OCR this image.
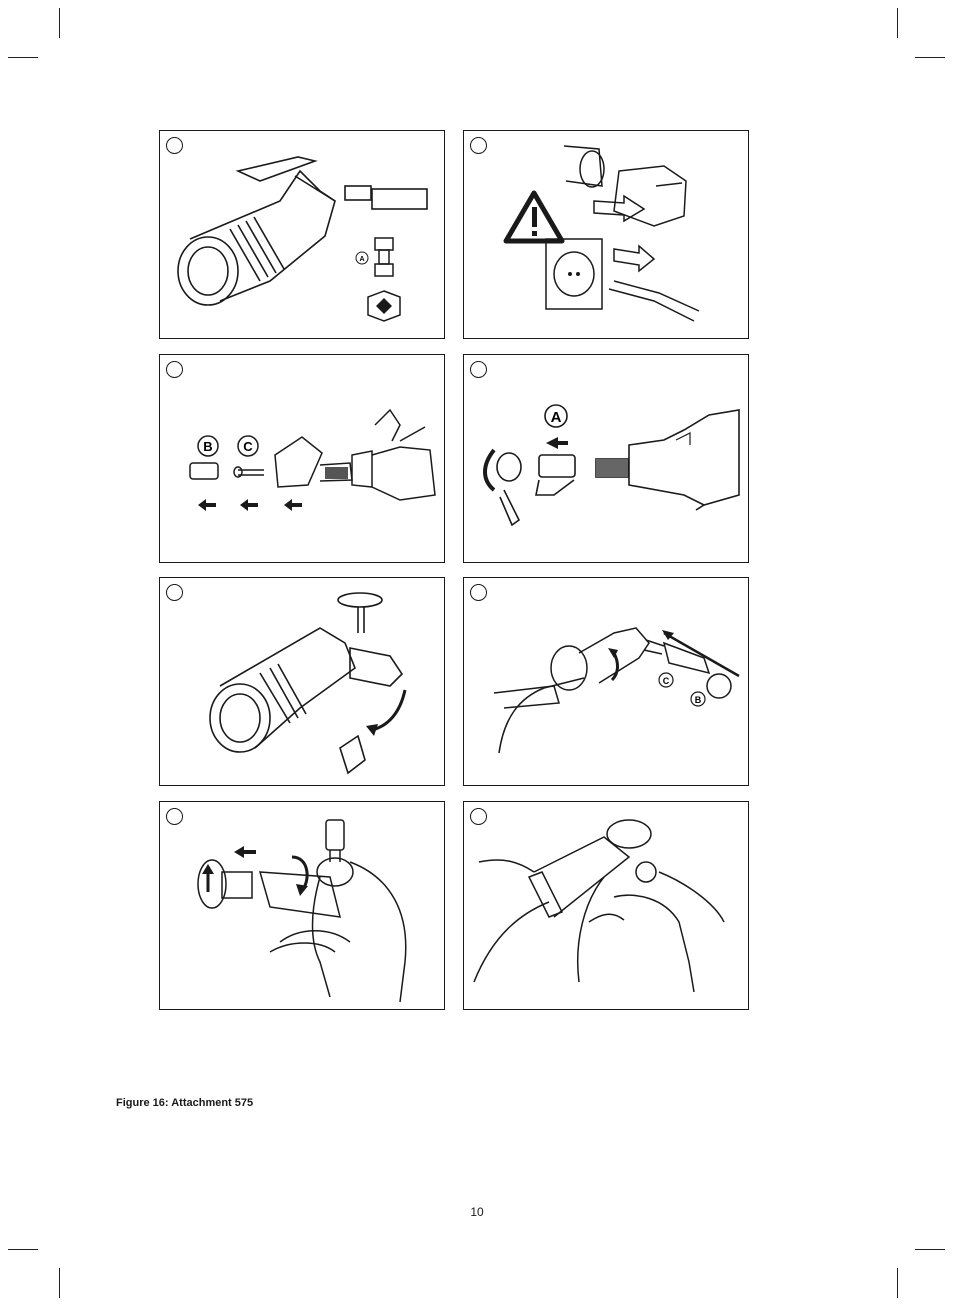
A
B C
A
C
B
Figure 16: Attachment 575
10
